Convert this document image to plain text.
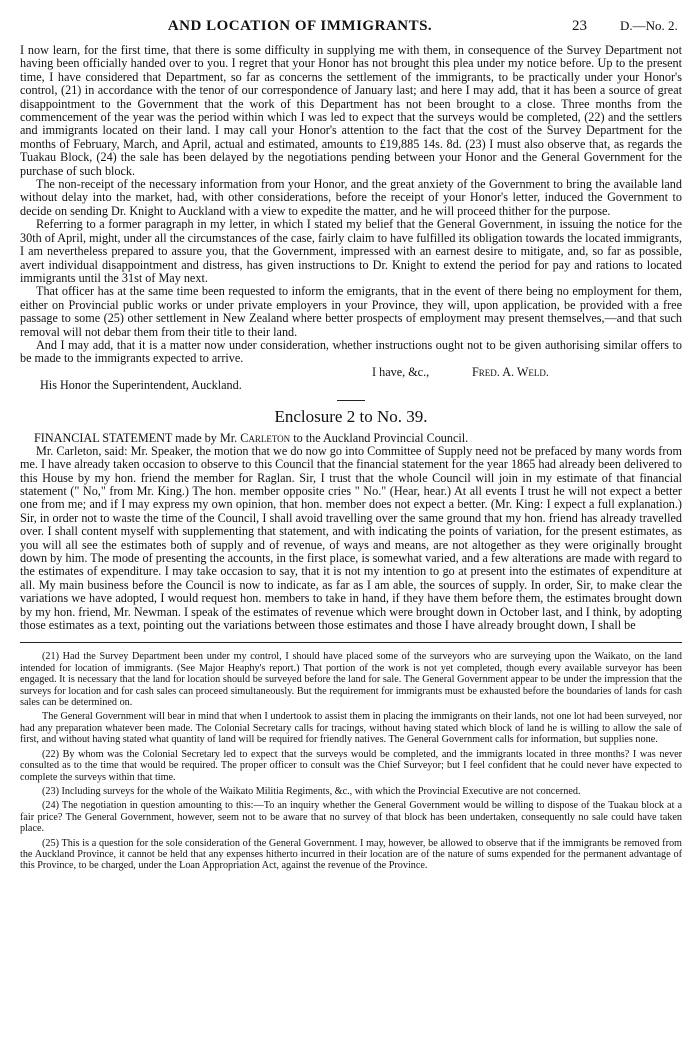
AND LOCATION OF IMMIGRANTS.	23	D.—No. 2.

I now learn, for the first time, that there is some difficulty in supplying me with them, in consequence of the Survey Department not having been officially handed over to you. I regret that your Honor has not brought this plea under my notice before. Up to the present time, I have considered that Department, so far as concerns the settlement of the immigrants, to be practically under your Honor's control, (21) in accordance with the tenor of our correspondence of January last; and here I may add, that it has been a source of great disappointment to the Government that the work of this Department has not been brought to a close. Three months from the commencement of the year was the period within which I was led to expect that the surveys would be completed, (22) and the settlers and immigrants located on their land. I may call your Honor's attention to the fact that the cost of the Survey Department for the months of February, March, and April, actual and estimated, amounts to £19,885 14s. 8d. (23) I must also observe that, as regards the Tuakau Block, (24) the sale has been delayed by the negotiations pending between your Honor and the General Government for the purchase of such block.

The non-receipt of the necessary information from your Honor, and the great anxiety of the Government to bring the available land without delay into the market, had, with other considerations, before the receipt of your Honor's letter, induced the Government to decide on sending Dr. Knight to Auckland with a view to expedite the matter, and he will proceed thither for the purpose.

Referring to a former paragraph in my letter, in which I stated my belief that the General Government, in issuing the notice for the 30th of April, might, under all the circumstances of the case, fairly claim to have fulfilled its obligation towards the located immigrants, I am nevertheless prepared to assure you, that the Government, impressed with an earnest desire to mitigate, and, so far as possible, avert individual disappointment and distress, has given instructions to Dr. Knight to extend the period for pay and rations to located immigrants until the 31st of May next.

That officer has at the same time been requested to inform the emigrants, that in the event of there being no employment for them, either on Provincial public works or under private employers in your Province, they will, upon application, be provided with a free passage to some (25) other settlement in New Zealand where better prospects of employment may present themselves,—and that such removal will not debar them from their title to their land.

And I may add, that it is a matter now under consideration, whether instructions ought not to be given authorising similar offers to be made to the immigrants expected to arrive.

I have, &c.,	Fred. A. Weld.
His Honor the Superintendent, Auckland.
Enclosure 2 to No. 39.
FINANCIAL STATEMENT made by Mr. Carleton to the Auckland Provincial Council.

Mr. Carleton, said: Mr. Speaker, the motion that we do now go into Committee of Supply need not be prefaced by many words from me. I have already taken occasion to observe to this Council that the financial statement for the year 1865 had already been delivered to this House by my hon. friend the member for Raglan. Sir, I trust that the whole Council will join in my estimate of that financial statement (" No," from Mr. King.) The hon. member opposite cries " No." (Hear, hear.) At all events I trust he will not expect a better one from me; and if I may express my own opinion, that hon. member does not expect a better. (Mr. King: I expect a full explanation.) Sir, in order not to waste the time of the Council, I shall avoid travelling over the same ground that my hon. friend has already travelled over. I shall content myself with supplementing that statement, and with indicating the points of variation, for the present estimates, as you will all see the estimates both of supply and of revenue, of ways and means, are not altogether as they were originally brought down by him. The mode of presenting the accounts, in the first place, is somewhat varied, and a few alterations are made with regard to the estimates of expenditure. I may take occasion to say, that it is not my intention to go at present into the estimates of expenditure at all. My main business before the Council is now to indicate, as far as I am able, the sources of supply. In order, Sir, to make clear the variations we have adopted, I would request hon. members to take in hand, if they have them before them, the estimates brought down by my hon. friend, Mr. Newman. I speak of the estimates of revenue which were brought down in October last, and I think, by adopting those estimates as a text, pointing out the variations between those estimates and those I have already brought down, I shall be

(21) Had the Survey Department been under my control, I should have placed some of the surveyors who are surveying upon the Waikato, on the land intended for location of immigrants. (See Major Heaphy's report.) That portion of the work is not yet completed, though every available surveyor has been engaged. It is necessary that the land for location should be surveyed before the land for sale. The General Government appear to be under the impression that the surveys for location and for cash sales can proceed simultaneously. But the requirement for immigrants must be exhausted before the boundaries of lands for cash sales can be determined on.

The General Government will bear in mind that when I undertook to assist them in placing the immigrants on their lands, not one lot had been surveyed, nor had any preparation whatever been made. The Colonial Secretary calls for tracings, without having stated which block of land he is willing to allow the sale of first, and without having stated what quantity of land will be required for friendly natives. The General Government calls for information, but supplies none.

(22) By whom was the Colonial Secretary led to expect that the surveys would be completed, and the immigrants located in three months? I was never consulted as to the time that would be required. The proper officer to consult was the Chief Surveyor; but I feel confident that he could never have expected to complete the surveys within that time.

(23) Including surveys for the whole of the Waikato Militia Regiments, &c., with which the Provincial Executive are not concerned.

(24) The negotiation in question amounting to this:—To an inquiry whether the General Government would be willing to dispose of the Tuakau block at a fair price? The General Government, however, seem not to be aware that no survey of that block has been undertaken, consequently no sale could have taken place.

(25) This is a question for the sole consideration of the General Government. I may, however, be allowed to observe that if the immigrants be removed from the Auckland Province, it cannot be held that any expenses hitherto incurred in their location are of the nature of sums expended for the permanent advantage of this Province, to be charged, under the Loan Appropriation Act, against the revenue of the Province.
